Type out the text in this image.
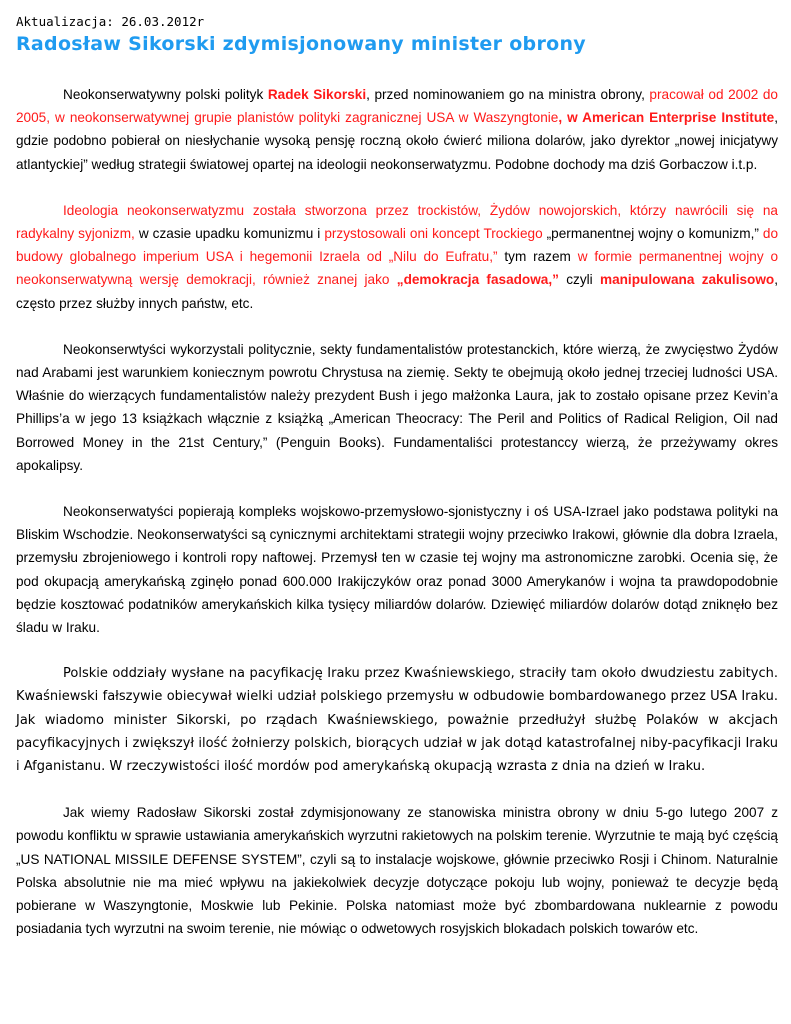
Aktualizacja: 26.03.2012r
Radosław Sikorski zdymisjonowany minister obrony

Neokonserwatywny polski polityk Radek Sikorski, przed nominowaniem go na ministra obrony, pracował od 2002 do 2005, w neokonserwatywnej grupie planistów polityki zagranicznej USA w Waszyngtonie, w American Enterprise Institute, gdzie podobno pobierał on niesłychanie wysoką pensję roczną około ćwierć miliona dolarów, jako dyrektor „nowej inicjatywy atlantyckiej” według strategii światowej opartej na ideologii neokonserwatyzmu. Podobne dochody ma dziś Gorbaczow i.t.p.

Ideologia neokonserwatyzmu została stworzona przez trockistów, Żydów nowojorskich, którzy nawrócili się na radykalny syjonizm, w czasie upadku komunizmu i przystosowali oni koncept Trockiego „permanentnej wojny o komunizm,” do budowy globalnego imperium USA i hegemonii Izraela od „Nilu do Eufratu,” tym razem w formie permanentnej wojny o neokonserwatywną wersję demokracji, również znanej jako „demokracja fasadowa,” czyli manipulowana zakulisowo, często przez służby innych państw, etc.

Neokonserwtyści wykorzystali politycznie, sekty fundamentalistów protestanckich, które wierzą, że zwycięstwo Żydów nad Arabami jest warunkiem koniecznym powrotu Chrystusa na ziemię. Sekty te obejmują około jednej trzeciej ludności USA. Właśnie do wierzących fundamentalistów należy prezydent Bush i jego małżonka Laura, jak to zostało opisane przez Kevin’a Phillips’a w jego 13 książkach włącznie z książką „American Theocracy: The Peril and Politics of Radical Religion, Oil nad Borrowed Money in the 21st Century,” (Penguin Books). Fundamentaliści protestanccy wierzą, że przeżywamy okres apokalipsy.

Neokonserwatyści popierają kompleks wojskowo-przemysłowo-sjonistyczny i oś USA-Izrael jako podstawa polityki na Bliskim Wschodzie. Neokonserwatyści są cynicznymi architektami strategii wojny przeciwko Irakowi, głównie dla dobra Izraela, przemysłu zbrojeniowego i kontroli ropy naftowej. Przemysł ten w czasie tej wojny ma astronomiczne zarobki. Ocenia się, że pod okupacją amerykańską zginęło ponad 600.000 Irakijczyków oraz ponad 3000 Amerykanów i wojna ta prawdopodobnie będzie kosztować podatników amerykańskich kilka tysięcy miliardów dolarów. Dziewięć miliardów dolarów dotąd zniknęło bez śladu w Iraku.

Polskie oddziały wysłane na pacyfikację Iraku przez Kwaśniewskiego, straciły tam około dwudziestu zabitych. Kwaśniewski fałszywie obiecywał wielki udział polskiego przemysłu w odbudowie bombardowanego przez USA Iraku. Jak wiadomo minister Sikorski, po rządach Kwaśniewskiego, poważnie przedłużył służbę Polaków w akcjach pacyfikacyjnych i zwiększył ilość żołnierzy polskich, biorących udział w jak dotąd katastrofalnej niby-pacyfikacji Iraku i Afganistanu. W rzeczywistości ilość mordów pod amerykańską okupacją wzrasta z dnia na dzień w Iraku.

Jak wiemy Radosław Sikorski został zdymisjonowany ze stanowiska ministra obrony w dniu 5-go lutego 2007 z powodu konfliktu w sprawie ustawiania amerykańskich wyrzutni rakietowych na polskim terenie. Wyrzutnie te mają być częścią „US NATIONAL MISSILE DEFENSE SYSTEM”, czyli są to instalacje wojskowe, głównie przeciwko Rosji i Chinom. Naturalnie Polska absolutnie nie ma mieć wpływu na jakiekolwiek decyzje dotyczące pokoju lub wojny, ponieważ te decyzje będą pobierane w Waszyngtonie, Moskwie lub Pekinie. Polska natomiast może być zbombardowana nuklearnie z powodu posiadania tych wyrzutni na swoim terenie, nie mówiąc o odwetowych rosyjskich blokadach polskich towarów etc.
